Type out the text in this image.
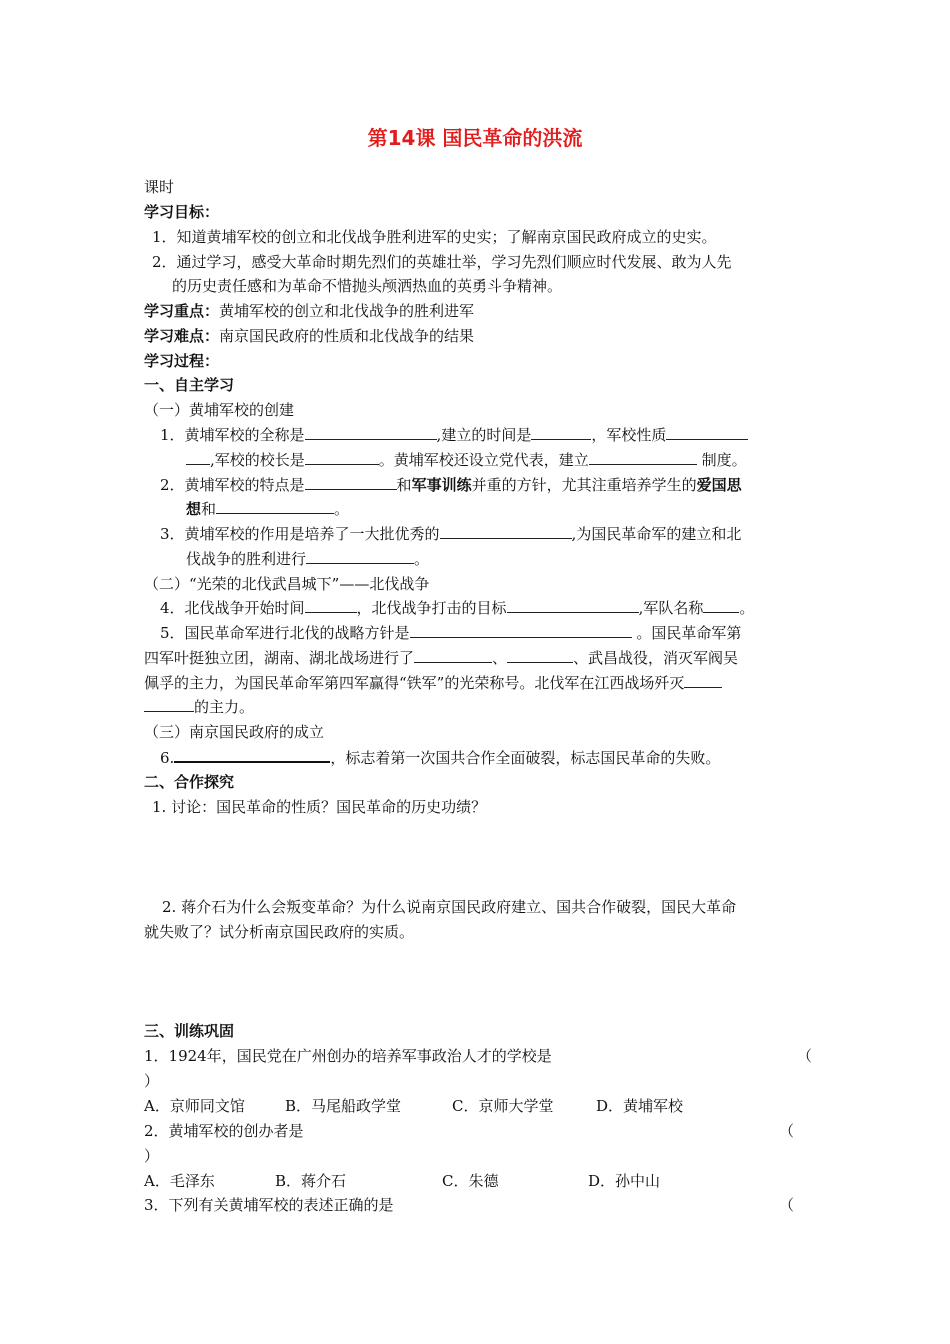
第14课 国民革命的洪流
课时
学习目标：
1．知道黄埔军校的创立和北伐战争胜利进军的史实；了解南京国民政府成立的史实。
2．通过学习，感受大革命时期先烈们的英雄壮举，学习先烈们顺应时代发展、敢为人先
的历史责任感和为革命不惜抛头颅洒热血的英勇斗争精神。
学习重点：黄埔军校的创立和北伐战争的胜利进军
学习难点：南京国民政府的性质和北伐战争的结果
学习过程：
一、自主学习
（一）黄埔军校的创建
1．黄埔军校的全称是	,建立的时间是	，军校性质
,军校的校长是	。黄埔军校还设立党代表，建立	制度。
2．黄埔军校的特点是	和军事训练并重的方针，尤其注重培养学生的爱国思
想和	。
3．黄埔军校的作用是培养了一大批优秀的	,为国民革命军的建立和北
伐战争的胜利进行	。
（二）“光荣的北伐武昌城下”——北伐战争
4．北伐战争开始时间	，北伐战争打击的目标	,军队名称 。
5．国民革命军进行北伐的战略方针是	。国民革命军第
四军叶挺独立团，湖南、湖北战场进行了	、	、武昌战役，消灭军阀吴
佩孚的主力，为国民革命军第四军赢得“铁军”的光荣称号。北伐军在江西战场歼灭
的主力。
（三）南京国民政府的成立
6.	，标志着第一次国共合作全面破裂，标志国民革命的失败。
二、合作探究
1. 讨论：国民革命的性质？国民革命的历史功绩？
2. 蒋介石为什么会叛变革命？为什么说南京国民政府建立、国共合作破裂，国民大革命
就失败了？试分析南京国民政府的实质。
三、训练巩固
1．1924年，国民党在广州创办的培养军事政治人才的学校是	（
）
A．京师同文馆	B．马尾船政学堂	C．京师大学堂	D．黄埔军校
2．黄埔军校的创办者是	（
）
A．毛泽东	B．蒋介石	C．朱德	D．孙中山
3．下列有关黄埔军校的表述正确的是	（
